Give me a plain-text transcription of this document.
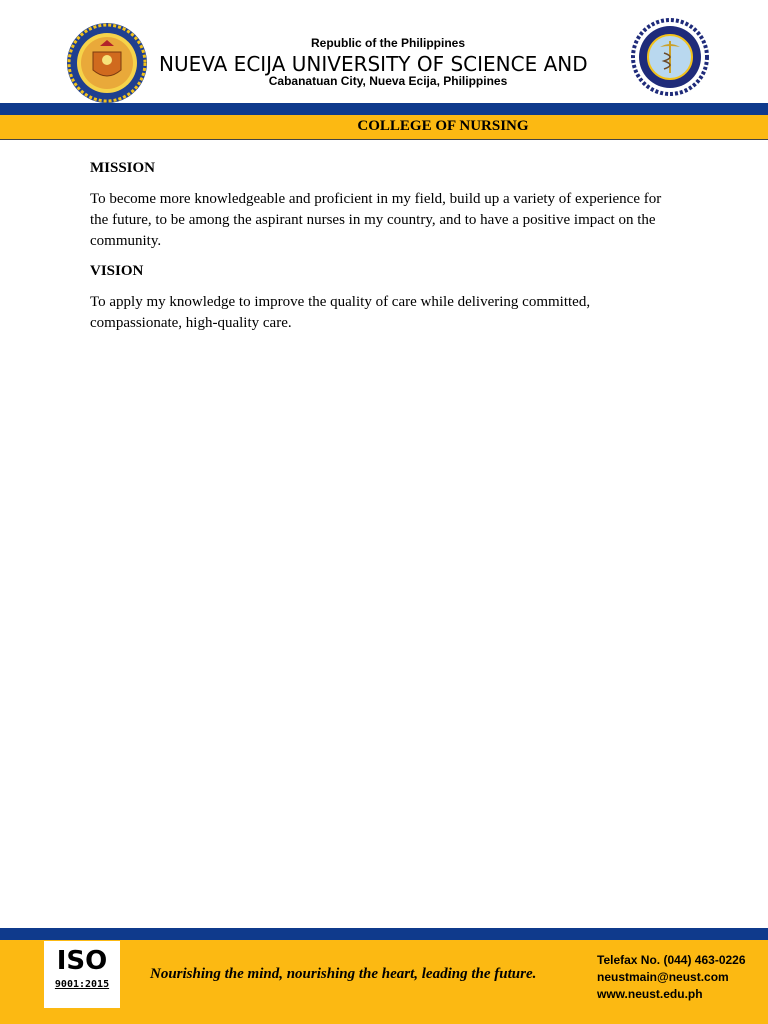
Republic of the Philippines
NUEVA ECIJA UNIVERSITY OF SCIENCE AND
Cabanatuan City, Nueva Ecija, Philippines
COLLEGE OF NURSING
MISSION
To become more knowledgeable and proficient in my field, build up a variety of experience for the future, to be among the aspirant nurses in my country, and to have a positive impact on the community.
VISION
To apply my knowledge to improve the quality of care while delivering committed, compassionate, high-quality care.
ISO
9001:2015
Nourishing the mind, nourishing the heart, leading the future.
Telefax No. (044) 463-0226
neustmain@neust.com
www.neust.edu.ph
